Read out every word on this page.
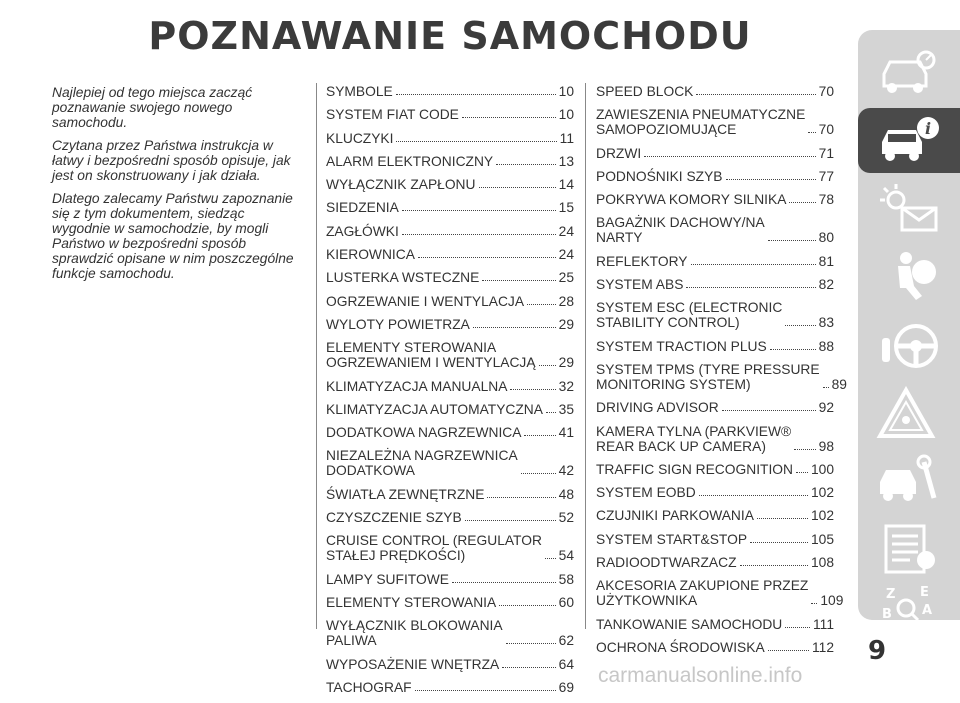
POZNAWANIE SAMOCHODU

Najlepiej od tego miejsca zacząć poznawanie swojego nowego samochodu.

Czytana przez Państwa instrukcja w łatwy i bezpośredni sposób opisuje, jak jest on skonstruowany i jak działa.

Dlatego zalecamy Państwu zapoznanie się z tym dokumentem, siedząc wygodnie w samochodzie, by mogli Państwo w bezpośredni sposób sprawdzić opisane w nim poszczególne funkcje samochodu.

SYMBOLE	10
SYSTEM FIAT CODE	10
KLUCZYKI	11
ALARM ELEKTRONICZNY	13
WYŁĄCZNIK ZAPŁONU	14
SIEDZENIA	15
ZAGŁÓWKI	24
KIEROWNICA	24
LUSTERKA WSTECZNE	25
OGRZEWANIE I WENTYLACJA	28
WYLOTY POWIETRZA	29
ELEMENTY STEROWANIA
OGRZEWANIEM I WENTYLACJĄ 29
KLIMATYZACJA MANUALNA	32
KLIMATYZACJA AUTOMATYCZNA 35
DODATKOWA NAGRZEWNICA	41
NIEZALEŻNA NAGRZEWNICA
DODATKOWA	42
ŚWIATŁA ZEWNĘTRZNE	48
CZYSZCZENIE SZYB	52
CRUISE CONTROL (REGULATOR
STAŁEJ PRĘDKOŚCI)	54
LAMPY SUFITOWE	58
ELEMENTY STEROWANIA	60
WYŁĄCZNIK BLOKOWANIA
PALIWA	62
WYPOSAŻENIE WNĘTRZA	64
TACHOGRAF	69
SPEED BLOCK	70
ZAWIESZENIA PNEUMATYCZNE
SAMOPOZIOMUJĄCE	70
DRZWI	71
PODNOŚNIKI SZYB	77
POKRYWA KOMORY SILNIKA 78
BAGAŻNIK DACHOWY/NA
NARTY	80
REFLEKTORY	81
SYSTEM ABS	82
SYSTEM ESC (ELECTRONIC
STABILITY CONTROL)	83
SYSTEM TRACTION PLUS	88
SYSTEM TPMS (TYRE PRESSURE
MONITORING SYSTEM)	89
DRIVING ADVISOR	92
KAMERA TYLNA (PARKVIEW®
REAR BACK UP CAMERA)	98
TRAFFIC SIGN RECOGNITION 100
SYSTEM EOBD	102
CZUJNIKI PARKOWANIA	102
SYSTEM START&STOP	105
RADIOODTWARZACZ	108
AKCESORIA ZAKUPIONE PRZEZ
UŻYTKOWNIKA	109
TANKOWANIE SAMOCHODU 111
OCHRONA ŚRODOWISKA	112
i
Z E
B A
C T D
9
carmanualsonline.info
